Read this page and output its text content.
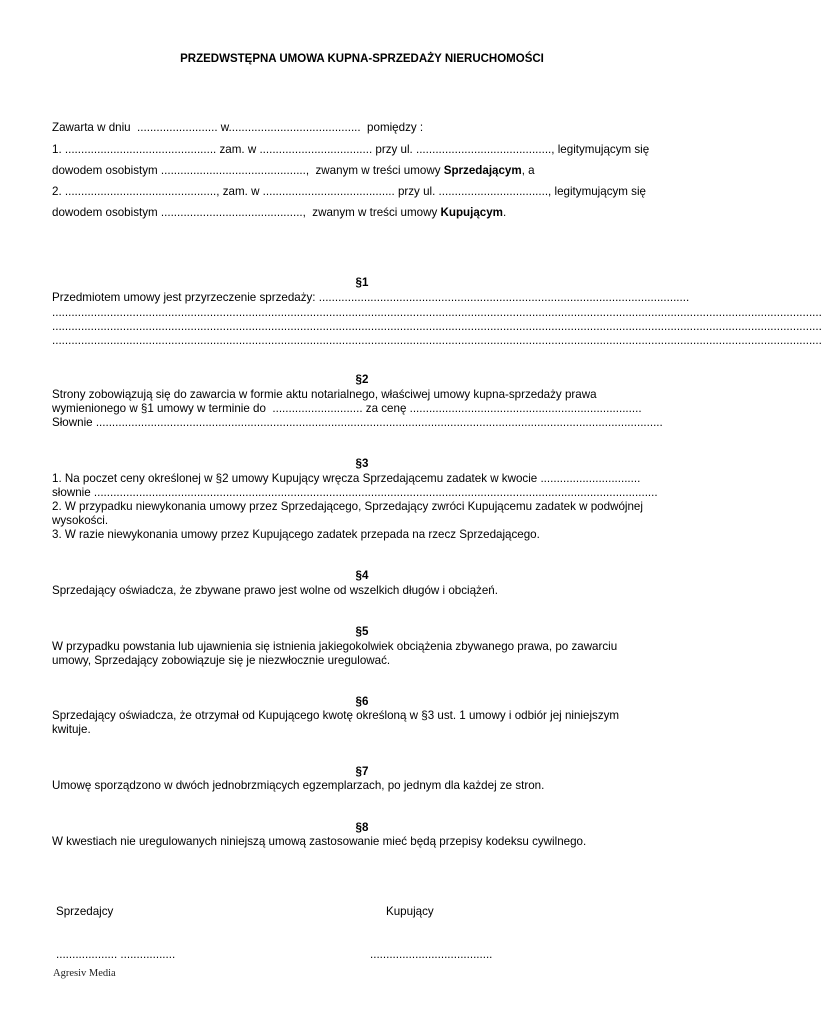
PRZEDWSTĘPNA UMOWA KUPNA-SPRZEDAŻY NIERUCHOMOŚCI

Zawarta w dniu  ......................... w.........................................  pomiędzy :

1. ............................................... zam. w ................................... przy ul. .........................................., legitymującym się

dowodem osobistym .............................................,  zwanym w treści umowy Sprzedającym, a

2. ..............................................., zam. w ......................................... przy ul. .................................., legitymującym się

dowodem osobistym ............................................,  zwanym w treści umowy Kupującym.

§1

Przedmiotem umowy jest przyrzeczenie sprzedaży: ...................................................................................................................

...............................................................................................................................................................................................................................................
...............................................................................................................................................................................................................................................
...............................................................................................................................................................................................................................................

§2

Strony zobowiązują się do zawarcia w formie aktu notarialnego, właściwej umowy kupna-sprzedaży prawa

wymienionego w §1 umowy w terminie do  ............................ za cenę ........................................................................

Słownie ................................................................................................................................................................................

§3

1. Na poczet ceny określonej w §2 umowy Kupujący wręcza Sprzedającemu zadatek w kwocie ...............................

słownie ...............................................................................................................................................................................

2. W przypadku niewykonania umowy przez Sprzedającego, Sprzedający zwróci Kupującemu zadatek w podwójnej

wysokości.

3. W razie niewykonania umowy przez Kupującego zadatek przepada na rzecz Sprzedającego.

§4

Sprzedający oświadcza, że zbywane prawo jest wolne od wszelkich długów i obciążeń.

§5

W przypadku powstania lub ujawnienia się istnienia jakiegokolwiek obciążenia zbywanego prawa, po zawarciu

umowy, Sprzedający zobowiązuje się je niezwłocznie uregulować.

§6

Sprzedający oświadcza, że otrzymał od Kupującego kwotę określoną w §3 ust. 1 umowy i odbiór jej niniejszym

kwituje.

§7

Umowę sporządzono w dwóch jednobrzmiących egzemplarzach, po jednym dla każdej ze stron.

§8

W kwestiach nie uregulowanych niniejszą umową zastosowanie mieć będą przepisy kodeksu cywilnego.

Sprzedajcy	Kupujący

................... .................	......................................

Agresiv Media
